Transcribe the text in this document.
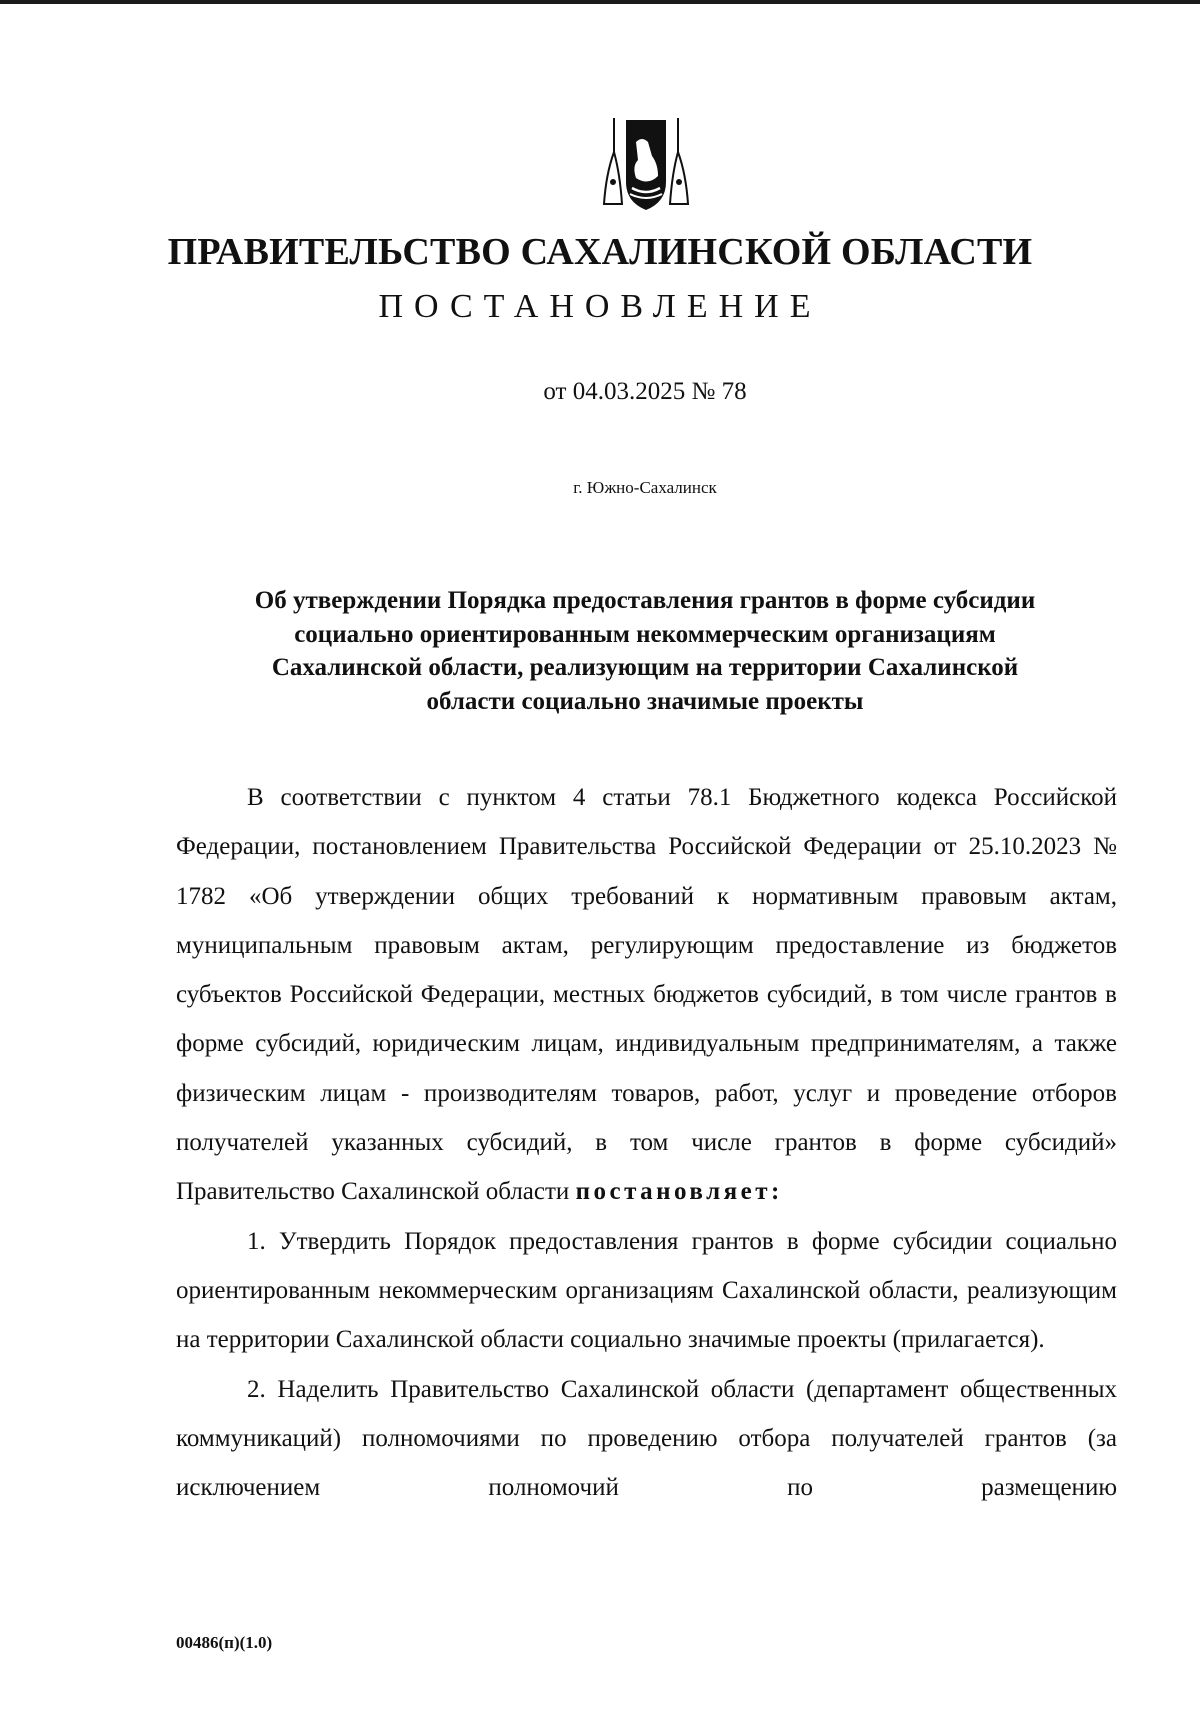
ПРАВИТЕЛЬСТВО САХАЛИНСКОЙ ОБЛАСТИ
ПОСТАНОВЛЕНИЕ
от 04.03.2025 № 78
г. Южно-Сахалинск
Об утверждении Порядка предоставления грантов в форме субсидии
социально ориентированным некоммерческим организациям
Сахалинской области, реализующим на территории Сахалинской
области социально значимые проекты

В соответствии с пунктом 4 статьи 78.1 Бюджетного кодекса Российской Федерации, постановлением Правительства Российской Федерации от 25.10.2023 № 1782 «Об утверждении общих требований к нормативным правовым актам, муниципальным правовым актам, регулирующим предоставление из бюджетов субъектов Российской Федерации, местных бюджетов субсидий, в том числе грантов в форме субсидий, юридическим лицам, индивидуальным предпринимателям, а также физическим лицам - производителям товаров, работ, услуг и проведение отборов получателей указанных субсидий, в том числе грантов в форме субсидий» Правительство Сахалинской области постановляет:

1. Утвердить Порядок предоставления грантов в форме субсидии социально ориентированным некоммерческим организациям Сахалинской области, реализующим на территории Сахалинской области социально значимые проекты (прилагается).

2. Наделить Правительство Сахалинской области (департамент общественных коммуникаций) полномочиями по проведению отбора получателей грантов (за исключением полномочий по размещению

00486(п)(1.0)
